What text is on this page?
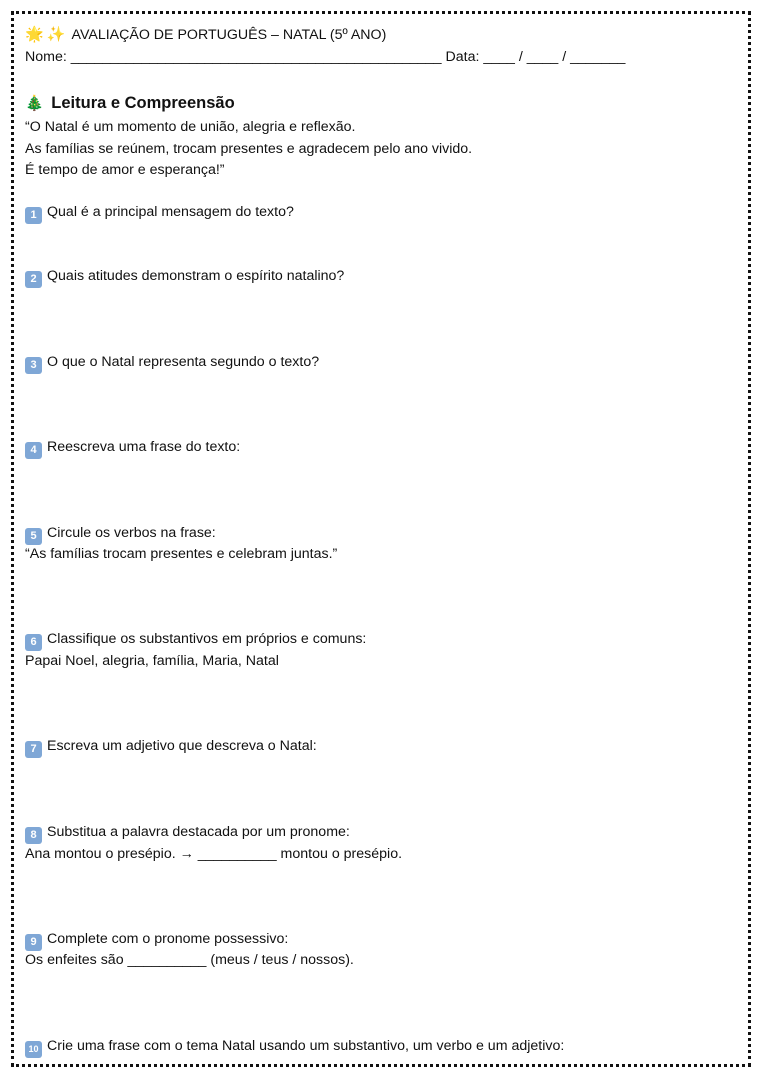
🌟 ✨ AVALIAÇÃO DE PORTUGUÊS – NATAL (5º ANO)
Nome: _______________________________________________ Data: ____ / ____ / _______
🎄 Leitura e Compreensão
“O Natal é um momento de união, alegria e reflexão.
As famílias se reúnem, trocam presentes e agradecem pelo ano vivido.
É tempo de amor e esperança!”
1 Qual é a principal mensagem do texto?
2 Quais atitudes demonstram o espírito natalino?
3 O que o Natal representa segundo o texto?
4 Reescreva uma frase do texto:
5 Circule os verbos na frase:
“As famílias trocam presentes e celebram juntas.”
6 Classifique os substantivos em próprios e comuns:
Papai Noel, alegria, família, Maria, Natal
7 Escreva um adjetivo que descreva o Natal:
8 Substitua a palavra destacada por um pronome:
Ana montou o presépio. → __________ montou o presépio.
9 Complete com o pronome possessivo:
Os enfeites são __________ (meus / teus / nossos).
10 Crie uma frase com o tema Natal usando um substantivo, um verbo e um adjetivo:
